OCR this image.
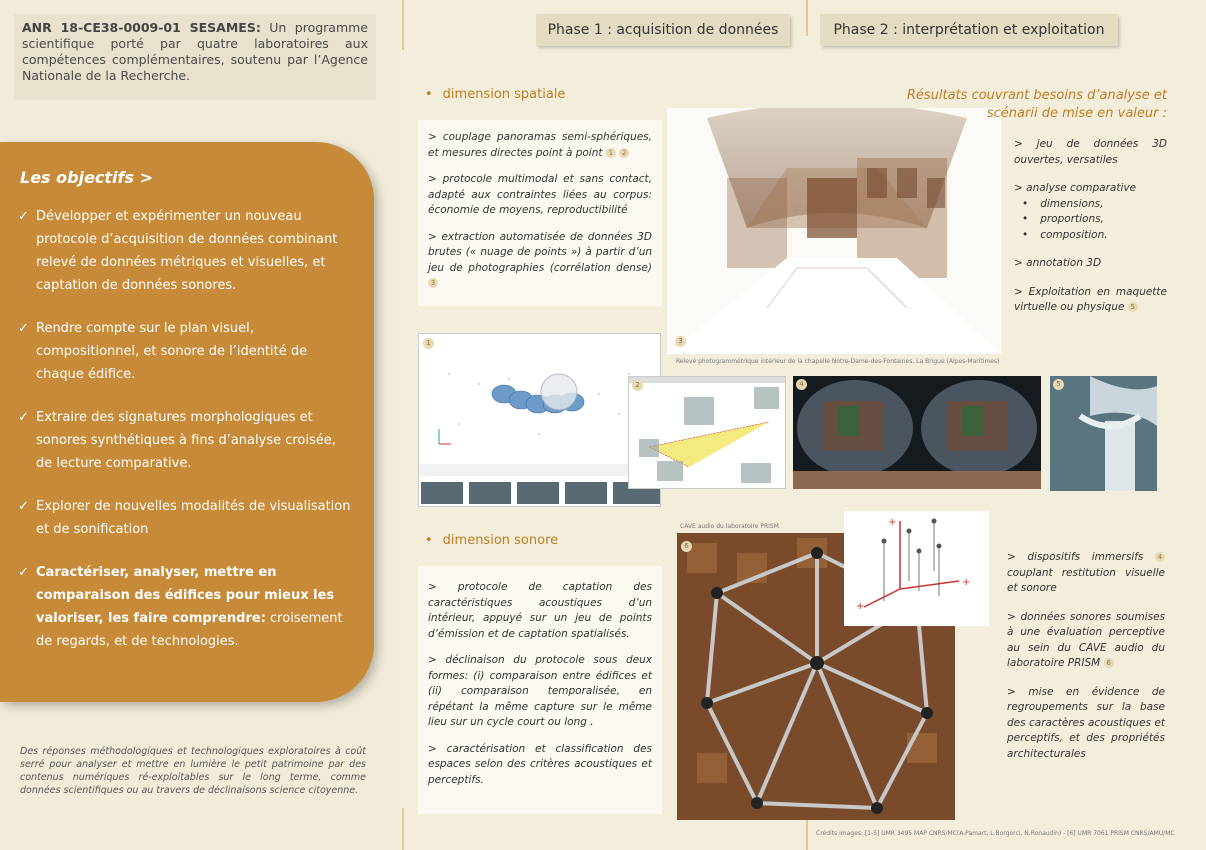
ANR 18-CE38-0009-01 SESAMES: Un programme scientifique porté par quatre laboratoires aux compétences complémentaires, soutenu par l’Agence Nationale de la Recherche.
Les objectifs >
✓ Développer et expérimenter un nouveau protocole d’acquisition de données combinant relevé de données métriques et visuelles, et captation de données sonores.
✓ Rendre compte sur le plan visuel, compositionnel, et sonore de l’identité de chaque édifice.
✓ Extraire des signatures morphologiques et sonores synthétiques à fins d’analyse croisée, de lecture comparative.
✓ Explorer de nouvelles modalités de visualisation et de sonification
✓ Caractériser, analyser, mettre en comparaison des édifices pour mieux les valoriser, les faire comprendre: croisement de regards, et de technologies.
Des réponses méthodologiques et technologiques exploratoires à coût serré pour analyser et mettre en lumière le petit patrimoine par des contenus numériques ré-exploitables sur le long terme, comme données scientifiques ou au travers de déclinaisons science citoyenne.
Phase 1 : acquisition de données	Phase 2 : interprétation et exploitation
• dimension spatiale

> couplage panoramas semi-sphériques, et mesures directes point à point 1 2

> protocole multimodal et sans contact, adapté aux contraintes liées au corpus: économie de moyens, reproductibilité

> extraction automatisée de données 3D brutes (« nuage de points ») à partir d’un jeu de photographies (corrélation dense) 3

3
Relevé photogrammétrique intérieur de la chapelle Notre-Dame-des-Fontaines, La Brigue (Alpes-Maritimes)
Résultats couvrant besoins d’analyse et scénarii de mise en valeur :

> jeu de données 3D ouvertes, versatiles

> analyse comparative
• dimensions,
• proportions,
• composition.

> annotation 3D

> Exploitation en maquette virtuelle ou physique 5

1
2	4	5
• dimension sonore

> protocole de captation des caractéristiques acoustiques d’un intérieur, appuyé sur un jeu de points d’émission et de captation spatialisés.

> déclinaison du protocole sous deux formes: (i) comparaison entre édifices et (ii) comparaison temporalisée, en répétant la même capture sur le même lieu sur un cycle court ou long .

> caractérisation et classification des espaces selon des critères acoustiques et perceptifs.

CAVE audio du laboratoire PRISM
6
+
+
+

> dispositifs immersifs 4 couplant restitution visuelle et sonore

> données sonores soumises à une évaluation perceptive au sein du CAVE audio du laboratoire PRISM 6

> mise en évidence de regroupements sur la base des caractères acoustiques et perceptifs, et des propriétés architecturales

Crédits images: [1-5] UMR 3495 MAP CNRS/MC(A.Pamart, L.Borgorci, N.Ronaudin) - [6] UMR 7061 PRISM CNRS/AMU/MC
